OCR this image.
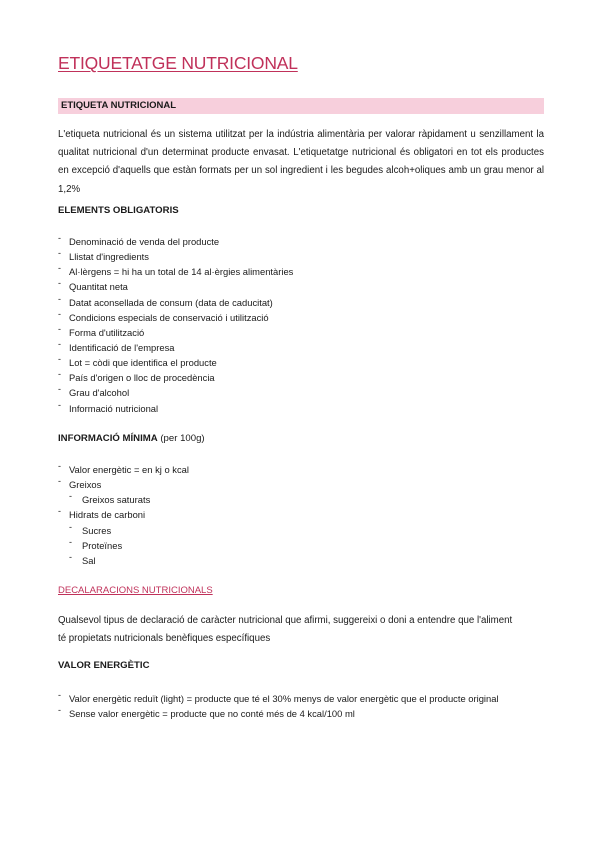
ETIQUETATGE NUTRICIONAL
ETIQUETA NUTRICIONAL

L'etiqueta nutricional és un sistema utilitzat per la indústria alimentària per valorar ràpidament u senzillament la qualitat nutricional d'un determinat producte envasat. L'etiquetatge nutricional és obligatori en tot els productes en excepció d'aquells que estàn formats per un sol ingredient i les begudes alcoh+oliques amb un grau menor al 1,2%

ELEMENTS OBLIGATORIS
- Denominació de venda del producte
- Llistat d'ingredients
- Al·lèrgens = hi ha un total de 14 al·èrgies alimentàries
- Quantitat neta
- Datat aconsellada de consum (data de caducitat)
- Condicions especials de conservació i utilització
- Forma d'utilització
- Identificació de l'empresa
- Lot = còdi que identifica el producte
- País d'origen o lloc de procedència
- Grau d'alcohol
- Informació nutricional
INFORMACIÓ MÍNIMA (per 100g)
- Valor energètic = en kj o kcal
- Greixos
- Greixos saturats
- Hidrats de carboni
- Sucres
- Proteïnes
- Sal
DECALARACIONS NUTRICIONALS

Qualsevol tipus de declaració de caràcter nutricional que afirmi, suggereixi o doni a entendre que l'aliment
té propietats nutricionals benèfiques específiques

VALOR ENERGÈTIC
- Valor energètic reduït (light) = producte que té el 30% menys de valor energètic que el producte original
- Sense valor energètic = producte que no conté més de 4 kcal/100 ml
